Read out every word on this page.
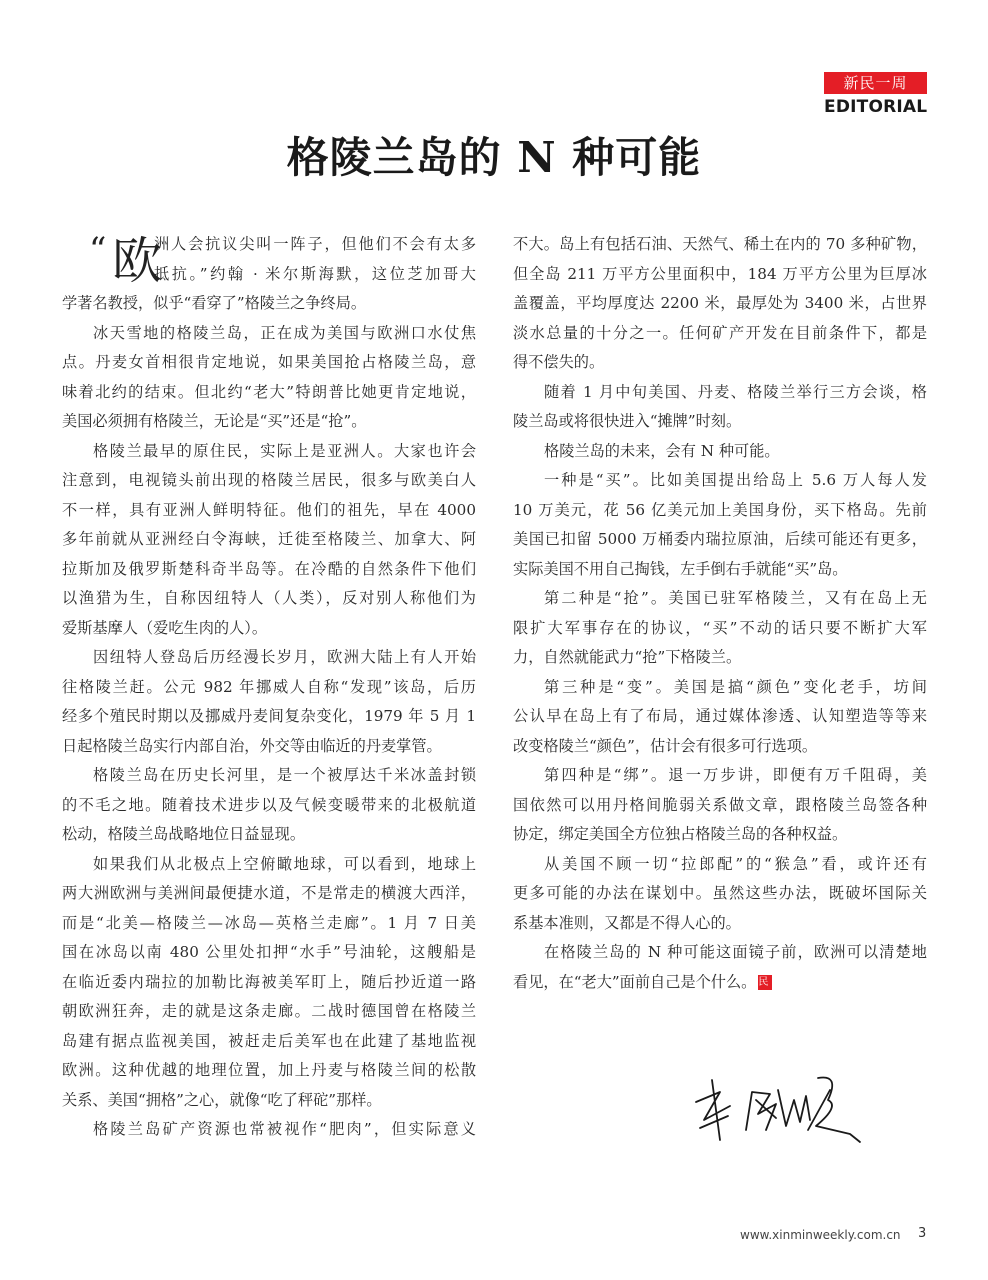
新民一周
EDITORIAL
格陵兰岛的 N 种可能
“ 欧
洲人会抗议尖叫一阵子，但他们不会有太多
抵抗。”约翰 · 米尔斯海默，这位芝加哥大
学著名教授，似乎“看穿了”格陵兰之争终局。
冰天雪地的格陵兰岛，正在成为美国与欧洲口水仗焦
点。丹麦女首相很肯定地说，如果美国抢占格陵兰岛，意
味着北约的结束。但北约“老大”特朗普比她更肯定地说，
美国必须拥有格陵兰，无论是“买”还是“抢”。
格陵兰最早的原住民，实际上是亚洲人。大家也许会
注意到，电视镜头前出现的格陵兰居民，很多与欧美白人
不一样，具有亚洲人鲜明特征。他们的祖先，早在 4000
多年前就从亚洲经白令海峡，迁徙至格陵兰、加拿大、阿
拉斯加及俄罗斯楚科奇半岛等。在冷酷的自然条件下他们
以渔猎为生，自称因纽特人（人类），反对别人称他们为
爱斯基摩人（爱吃生肉的人）。
因纽特人登岛后历经漫长岁月，欧洲大陆上有人开始
往格陵兰赶。公元 982 年挪威人自称“发现”该岛，后历
经多个殖民时期以及挪威丹麦间复杂变化，1979 年 5 月 1
日起格陵兰岛实行内部自治，外交等由临近的丹麦掌管。
格陵兰岛在历史长河里，是一个被厚达千米冰盖封锁
的不毛之地。随着技术进步以及气候变暖带来的北极航道
松动，格陵兰岛战略地位日益显现。
如果我们从北极点上空俯瞰地球，可以看到，地球上
两大洲欧洲与美洲间最便捷水道，不是常走的横渡大西洋，
而是“北美—格陵兰—冰岛—英格兰走廊”。1 月 7 日美
国在冰岛以南 480 公里处扣押“水手”号油轮，这艘船是
在临近委内瑞拉的加勒比海被美军盯上，随后抄近道一路
朝欧洲狂奔，走的就是这条走廊。二战时德国曾在格陵兰
岛建有据点监视美国，被赶走后美军也在此建了基地监视
欧洲。这种优越的地理位置，加上丹麦与格陵兰间的松散
关系、美国“拥格”之心，就像“吃了秤砣”那样。
格陵兰岛矿产资源也常被视作“肥肉”，但实际意义
不大。岛上有包括石油、天然气、稀土在内的 70 多种矿物，
但全岛 211 万平方公里面积中，184 万平方公里为巨厚冰
盖覆盖，平均厚度达 2200 米，最厚处为 3400 米，占世界
淡水总量的十分之一。任何矿产开发在目前条件下，都是
得不偿失的。
随着 1 月中旬美国、丹麦、格陵兰举行三方会谈，格
陵兰岛或将很快进入“摊牌”时刻。
格陵兰岛的未来，会有 N 种可能。
一种是“买”。比如美国提出给岛上 5.6 万人每人发
10 万美元，花 56 亿美元加上美国身份，买下格岛。先前
美国已扣留 5000 万桶委内瑞拉原油，后续可能还有更多，
实际美国不用自己掏钱，左手倒右手就能“买”岛。
第二种是“抢”。美国已驻军格陵兰，又有在岛上无
限扩大军事存在的协议，“买”不动的话只要不断扩大军
力，自然就能武力“抢”下格陵兰。
第三种是“变”。美国是搞“颜色”变化老手，坊间
公认早在岛上有了布局，通过媒体渗透、认知塑造等等来
改变格陵兰“颜色”，估计会有很多可行选项。
第四种是“绑”。退一万步讲，即便有万千阻碍，美
国依然可以用丹格间脆弱关系做文章，跟格陵兰岛签各种
协定，绑定美国全方位独占格陵兰岛的各种权益。
从美国不顾一切“拉郎配”的“猴急”看，或许还有
更多可能的办法在谋划中。虽然这些办法，既破坏国际关
系基本准则，又都是不得人心的。
在格陵兰岛的 N 种可能这面镜子前，欧洲可以清楚地
看见，在“老大”面前自己是个什么。 民
www.xinminweekly.com.cn 3
